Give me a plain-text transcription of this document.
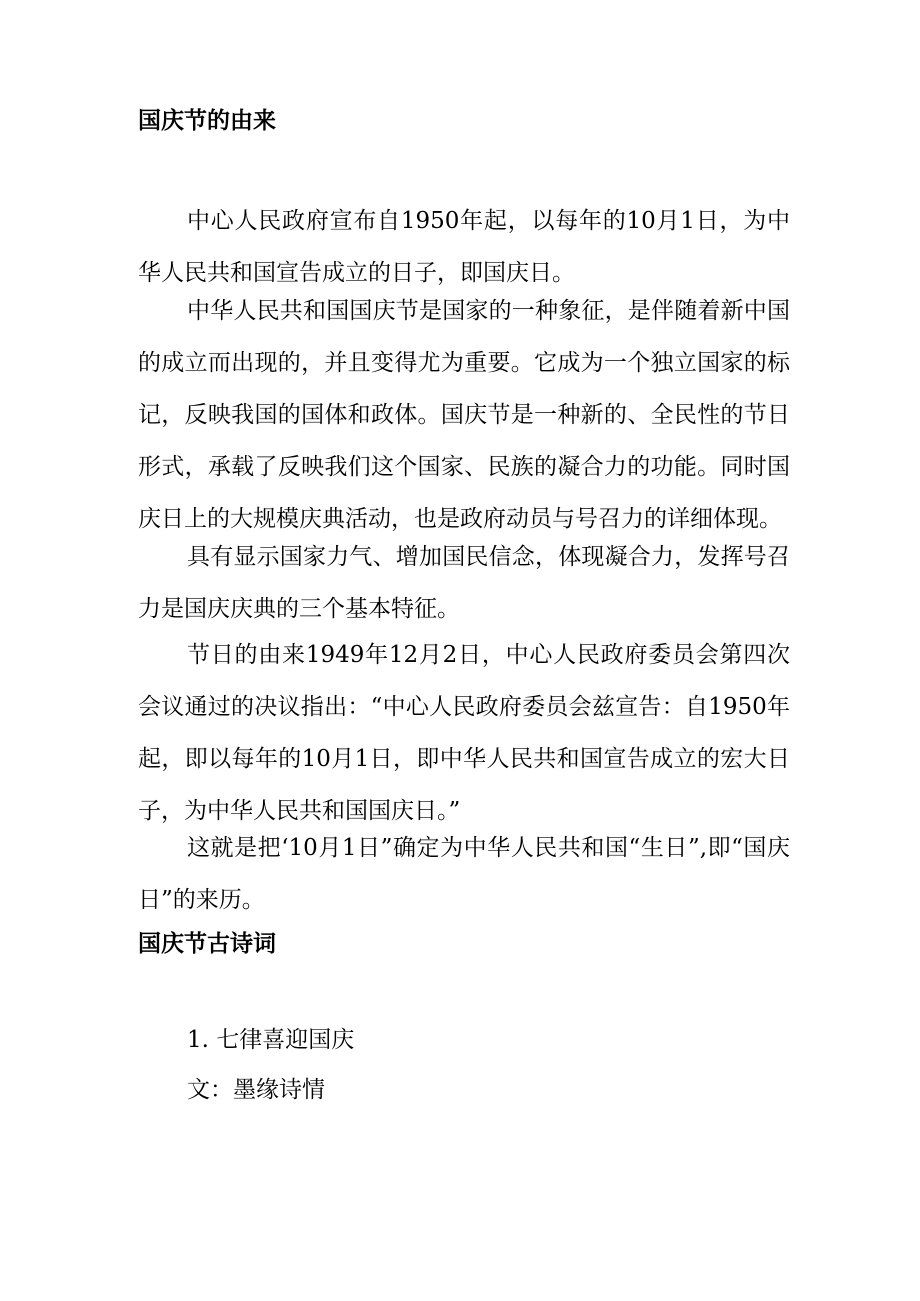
国庆节的由来

中心人民政府宣布自1950年起，以每年的10月1日，为中华人民共和国宣告成立的日子，即国庆日。

中华人民共和国国庆节是国家的一种象征，是伴随着新中国的成立而出现的，并且变得尤为重要。它成为一个独立国家的标记，反映我国的国体和政体。国庆节是一种新的、全民性的节日形式，承载了反映我们这个国家、民族的凝合力的功能。同时国庆日上的大规模庆典活动，也是政府动员与号召力的详细体现。

具有显示国家力气、增加国民信念，体现凝合力，发挥号召力是国庆庆典的三个基本特征。

节日的由来1949年12月2日，中心人民政府委员会第四次会议通过的决议指出：“中心人民政府委员会兹宣告：自1950年起，即以每年的10月1日，即中华人民共和国宣告成立的宏大日子，为中华人民共和国国庆日。”

这就是把‘10月1日”确定为中华人民共和国“生日”,即“国庆日”的来历。

国庆节古诗词

1. 七律喜迎国庆

文：墨缘诗情
